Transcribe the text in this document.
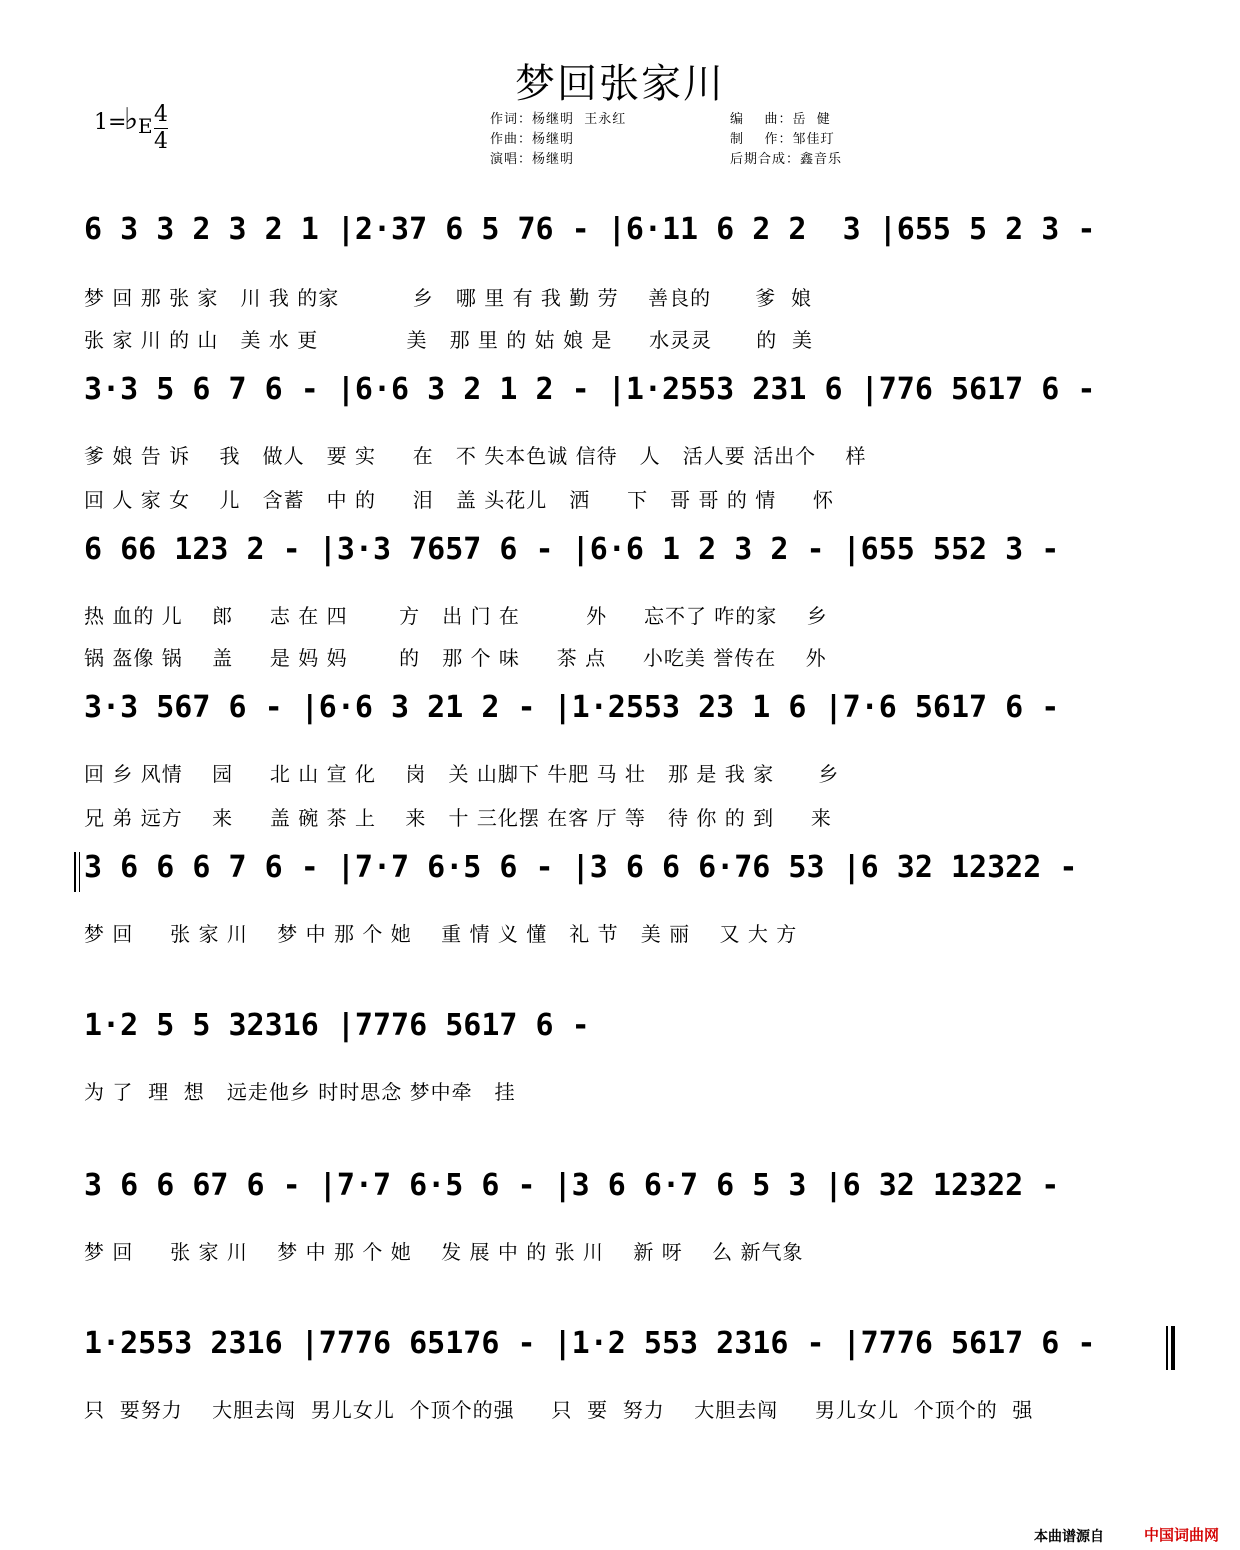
梦回张家川
1=
♭ E 4
4
作词：杨继明  王永红
作曲：杨继明
演唱：杨继明
编    曲：岳  健
制    作：邹佳玎
后期合成：鑫音乐
6 3 3 2 3 2 1 |2·37 6 5 76 - |6·11 6 2 2  3 |655 5 2 3 -
梦 回 那 张 家   川 我 的家          乡   哪 里 有 我 勤 劳    善良的      爹  娘
张 家 川 的 山   美 水 更            美   那 里 的 姑 娘 是     水灵灵      的  美
3·3 5 6 7 6 - |6·6 3 2 1 2 - |1·2553 231 6 |776 5617 6 -
爹 娘 告 诉    我   做人   要 实     在   不 失本色诚 信待   人   活人要 活出个    样
回 人 家 女    儿   含蓄   中 的     泪   盖 头花儿   洒     下   哥 哥 的 情     怀
6 66 123 2 - |3·3 7657 6 - |6·6 1 2 3 2 - |655 552 3 -
热 血的 儿    郎     志 在 四       方   出 门 在         外     忘不了 咋的家    乡
锅 盔像 锅    盖     是 妈 妈       的   那 个 味     茶 点     小吃美 誉传在    外
3·3 567 6 - |6·6 3 21 2 - |1·2553 23 1 6 |7·6 5617 6 -
回 乡 风情    园     北 山 宣 化    岗   关 山脚下 牛肥 马 壮   那 是 我 家      乡
兄 弟 远方    来     盖 碗 茶 上    来   十 三化摆 在客 厅 等   待 你 的 到     来
3 6 6 6 7 6 - |7·7 6·5 6 - |3 6 6 6·76 53 |6 32 12322 -
梦 回     张 家 川    梦 中 那 个 她    重 情 义 懂   礼 节   美 丽    又 大 方
1·2 5 5 32316 |7776 5617 6 -
为 了  理  想   远走他乡 时时思念 梦中牵   挂
3 6 6 67 6 - |7·7 6·5 6 - |3 6 6·7 6 5 3 |6 32 12322 -
梦 回     张 家 川    梦 中 那 个 她    发 展 中 的 张 川    新 呀    么 新气象
1·2553 2316 |7776 65176 - |1·2 553 2316 - |7776 5617 6 -
只  要努力    大胆去闯  男儿女儿  个顶个的强     只  要  努力    大胆去闯     男儿女儿  个顶个的  强
本曲谱源自	中国词曲网
